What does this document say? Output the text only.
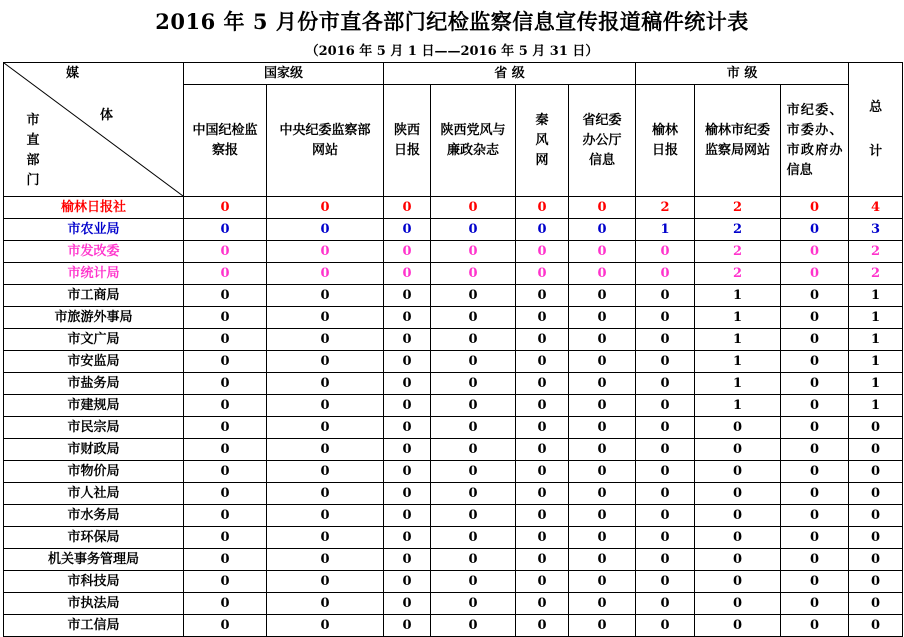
2016 年 5 月份市直各部门纪检监察信息宣传报道稿件统计表
（2016 年 5 月 1 日——2016 年 5 月 31 日）
媒
体
市直部门	国家级		省 级				市 级			总计
	中国纪检监察报	中央纪委监察部网站	陕西日报	陕西党风与廉政杂志	秦风网	省纪委办公厅信息	榆林日报	榆林市纪委监察局网站	市纪委、市委办、市政府办信息	
榆林日报社	0	0	0	0	0	0	2	2	0	4
市农业局	0	0	0	0	0	0	1	2	0	3
市发改委	0	0	0	0	0	0	0	2	0	2
市统计局	0	0	0	0	0	0	0	2	0	2
市工商局	0	0	0	0	0	0	0	1	0	1
市旅游外事局	0	0	0	0	0	0	0	1	0	1
市文广局	0	0	0	0	0	0	0	1	0	1
市安监局	0	0	0	0	0	0	0	1	0	1
市盐务局	0	0	0	0	0	0	0	1	0	1
市建规局	0	0	0	0	0	0	0	1	0	1
市民宗局	0	0	0	0	0	0	0	0	0	0
市财政局	0	0	0	0	0	0	0	0	0	0
市物价局	0	0	0	0	0	0	0	0	0	0
市人社局	0	0	0	0	0	0	0	0	0	0
市水务局	0	0	0	0	0	0	0	0	0	0
市环保局	0	0	0	0	0	0	0	0	0	0
机关事务管理局	0	0	0	0	0	0	0	0	0	0
市科技局	0	0	0	0	0	0	0	0	0	0
市执法局	0	0	0	0	0	0	0	0	0	0
市工信局	0	0	0	0	0	0	0	0	0	0
